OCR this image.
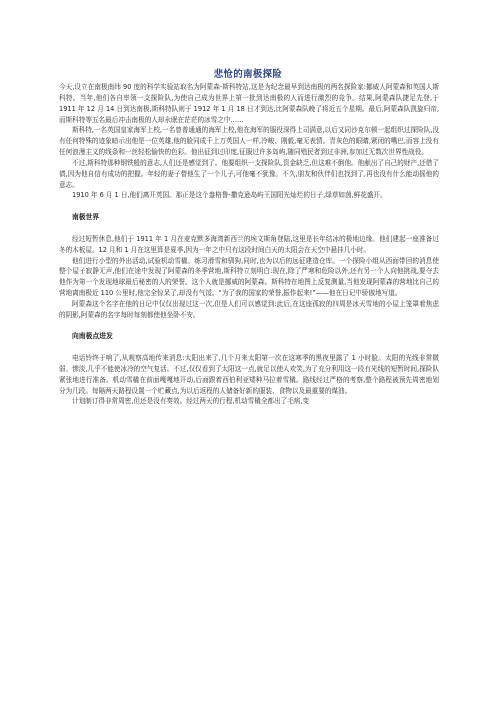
悲怆的南极探险

今天,设立在南极南纬 90 度的科学实验站取名为阿蒙森-斯科特站,这是为纪念最早到达南极的两名探险家:挪威人阿蒙森和英国人斯科特。当年,他们各自率领一支探险队,为使自己成为世界上第一批到达南极的人而进行激烈的竞争。结果,阿蒙森队捷足先登,于 1911 年 12 月 14 日到达南极,斯科特队则于 1912 年 1 月 18 日才到达,比阿蒙森队晚了将近五个星期。最后,阿蒙森队凯旋归帝,而斯科特等五名最后冲击南极的人却永眠在茫茫的冰雪之中……

斯科特,一名英国皇家海军上校,一名曾普通通的海军上校,他在海军的服役深得上司满意,以后又同沙克尔顿一起组织过探险队,没有任何特殊的迹象暗示出他是一位英雄,他的脸同成千上万英国人一样,冷峻、刚毅,毫无表情。青灰色的眼睛,紧闭的嘴巴,而容上没有任何浪漫主义的线条和一丝轻松愉快的色彩。他出征到过印度,征服过许多岛屿,随同殖民者到过非洲,参加过无数次世界性战役。

不过,斯科特那种钢铁般的意志,人们还是感觉到了。他要组织一支探险队,资金缺乏,但这难不倒他。他献出了自己的财产,还借了债,因为他自信有成功的把握。年轻的妻子替他生了一个儿子,可他毫不犹豫。不久,朋友和伙伴们也找到了,再也没有什么能动摇他的意志。

1910 年 6 月 1 日,他们离开英国。那正是这个盎格鲁-撒克逊岛屿王国阳光灿烂的日子,绿草如茵,鲜花盛开。

南极世界

经过短暂休息,他们于 1911 年 1 月在麦克默多海湾新西兰的埃文斯角登陆,这里是长年结冰的极地边缘。他们建起一座准备过冬的木板屋。12 月和 1 月在这里算是夏季,因为一年之中只有这段时间白天的太阳会在天空中悬挂几小时。

他们进行小型的外出活动,试验机动雪橇、练习滑雪和驯狗,同时,也为以后的远征建造仓库。一个探险小组从西面带回的消息使整个屋子寂静无声,他们在途中发现了阿蒙森的冬季营地,斯科特立刻明白:现在,除了严寒和危险以外,还有另一个人向他挑战,要夺去他作为第一个发现地球最后秘密的人的荣誉。这个人就是挪威的阿蒙森。斯科特在地图上反复测量,当他发现阿蒙森的营地比自己的营地离南极近 110 公里时,他完全惊呆了,却没有气馁。“为了我的国家的荣誉,振作起来!”——他在日记中骄傲地写道。

阿蒙森这个名字在他的日记中仅仅出现过这一次,但是人们可以感觉到:此后,在这座孤寂的四周是冰天雪地的小屋上笼罩着焦虑的阴影,阿蒙森的名字每时每刻都使他坐卧不安。

向南极点进发

电话铃终于响了,从观察高地传来消息:太阳出来了,几个月来太阳第一次在这寒季的黑夜里露了 1 小时脸。太阳的光线非常微弱、惨淡,几乎不能使冰冷的空气复活。不过,仅仅看到了太阳这一点,就足以使人欢笑,为了充分利用这一段有光线的短暂时间,探险队紧张地进行准备。机动雪橇在前面嘎嘎地开动,后面跟着西伯利亚矮种马拉着雪橇。路线经过严格的考察,整个路程被预先周密地划分为几段。每隔两天路程设置一个贮藏点,为以后返程的人储备好新的服装、食物以及最重要的煤油。

计划制订得非常周密,但还是没有奏效。经过两天的行程,机动雪橇全都出了毛病,变
